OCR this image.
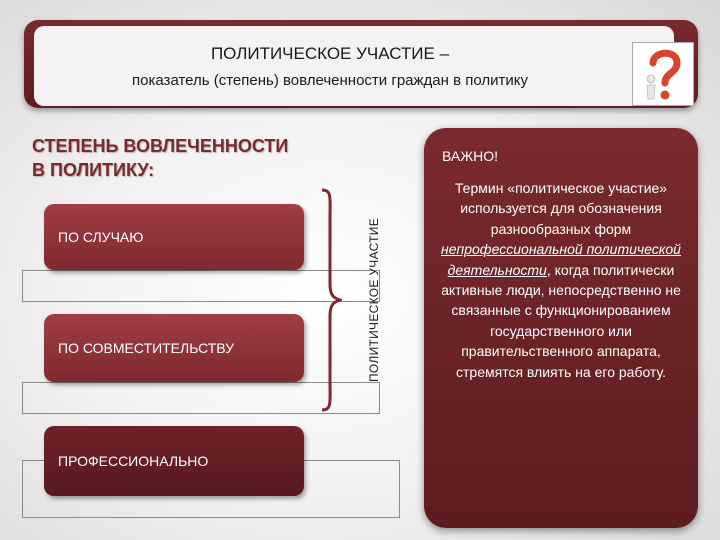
ПОЛИТИЧЕСКОЕ УЧАСТИЕ –
показатель (степень) вовлеченности граждан в политику
СТЕПЕНЬ ВОВЛЕЧЕННОСТИ
В ПОЛИТИКУ:
ПО СЛУЧАЮ
ПО СОВМЕСТИТЕЛЬСТВУ
ПРОФЕССИОНАЛЬНО
ПОЛИТИЧЕСКОЕ УЧАСТИЕ
ВАЖНО!
Термин «политическое участие» используется для обозначения разнообразных форм непрофессиональной политической деятельности, когда политически активные люди, непосредственно не связанные с функционированием государственного или правительственного аппарата, стремятся влиять на его работу.
